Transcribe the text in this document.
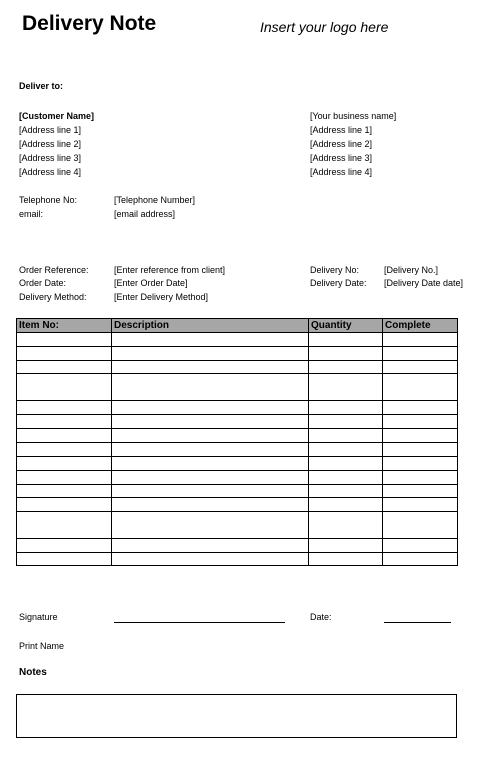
Delivery Note	Insert your logo here
Deliver to:
[Customer Name]
[Address line 1]
[Address line 2]
[Address line 3]
[Address line 4]
[Your business name]
[Address line 1]
[Address line 2]
[Address line 3]
[Address line 4]
Telephone No:	[Telephone Number]
email:	[email address]
Order Reference:	[Enter reference from client]
Order Date:	[Enter Order Date]
Delivery Method:	[Enter Delivery Method]
Delivery No:	[Delivery No.]
Delivery Date: [Delivery Date date]
Item No:	Description	Quantity	Complete

Signature	Date:
Print Name
Notes
